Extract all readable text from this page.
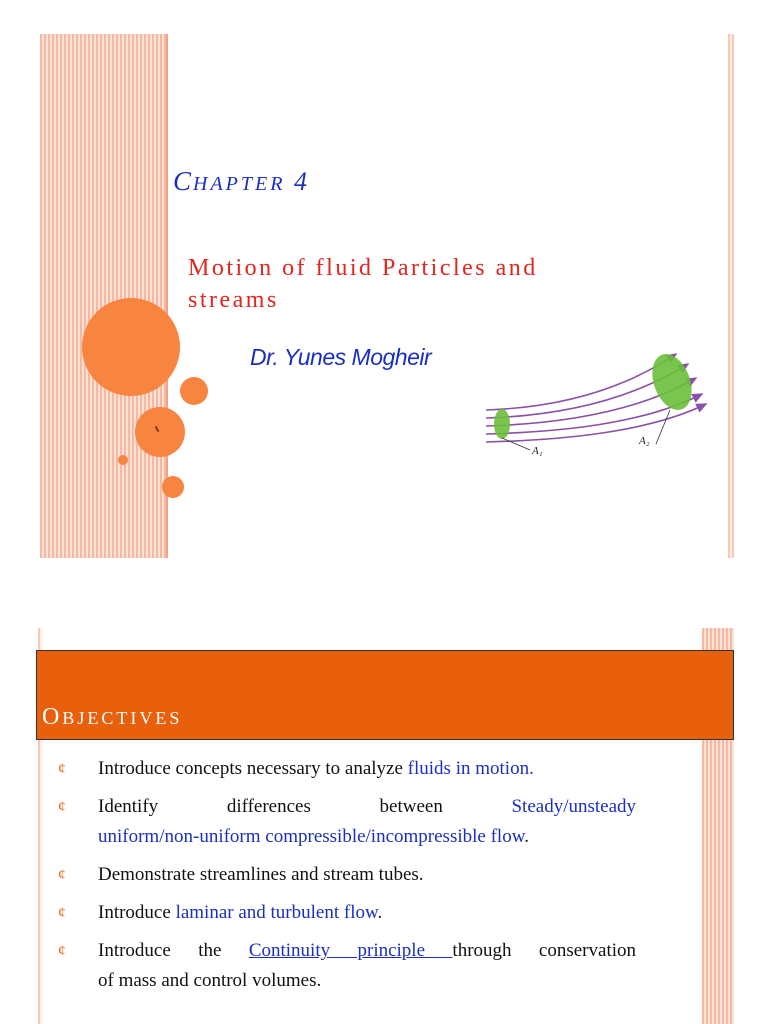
CHAPTER 4
Motion of fluid Particles and streams
Dr. Yunes Mogheir
A₁
A₂
OBJECTIVES
¢ Introduce concepts necessary to analyze fluids in motion.
¢ Identify	differences	between	Steady/unsteady
uniform/non-uniform compressible/incompressible flow.
¢ Demonstrate streamlines and stream tubes.
¢ Introduce laminar and turbulent flow.
¢ Introduce the Continuity principle through conservation
of mass and control volumes.
